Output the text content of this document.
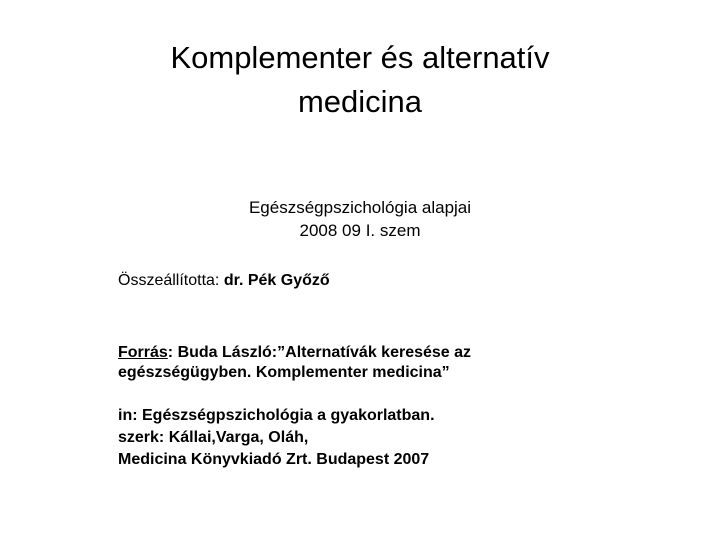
Komplementer és alternatív
medicina
Egészségpszichológia alapjai
2008 09 I. szem
Összeállította: dr. Pék Győző
Forrás: Buda László:”Alternatívák keresése az
egészségügyben. Komplementer medicina”
in: Egészségpszichológia a gyakorlatban.
szerk: Kállai,Varga, Oláh,
Medicina Könyvkiadó Zrt. Budapest 2007
